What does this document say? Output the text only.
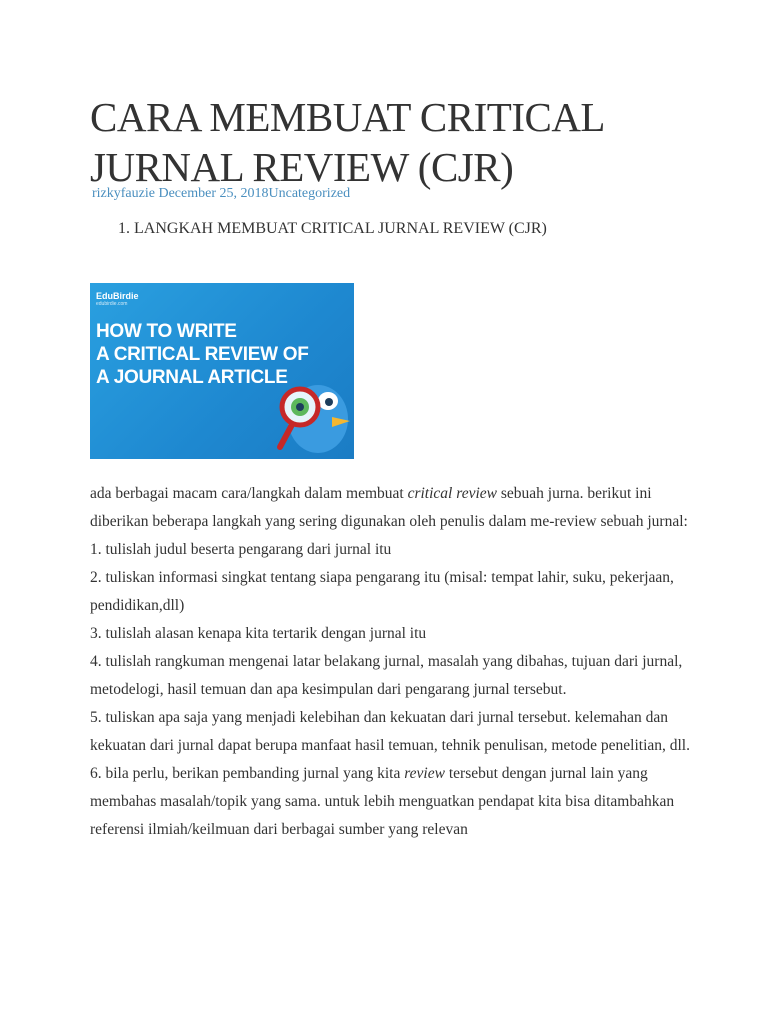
CARA MEMBUAT CRITICAL JURNAL REVIEW (CJR)
rizkyfauzie December 25, 2018Uncategorized
1. LANGKAH MEMBUAT CRITICAL JURNAL REVIEW (CJR)
EduBirdie
edubirdie.com
HOW TO WRITE
A CRITICAL REVIEW OF
A JOURNAL ARTICLE

ada berbagai macam cara/langkah dalam membuat critical review sebuah jurna. berikut ini diberikan beberapa langkah yang sering digunakan oleh penulis dalam me-review sebuah jurnal:

1. tulislah judul beserta pengarang dari jurnal itu

2. tuliskan informasi singkat tentang siapa pengarang itu (misal: tempat lahir, suku, pekerjaan, pendidikan,dll)

3. tulislah alasan kenapa kita tertarik dengan jurnal itu

4. tulislah rangkuman mengenai latar belakang jurnal, masalah yang dibahas, tujuan dari jurnal, metodelogi, hasil temuan dan apa kesimpulan dari pengarang jurnal tersebut.

5. tuliskan apa saja yang menjadi kelebihan dan kekuatan dari jurnal tersebut. kelemahan dan kekuatan dari jurnal dapat berupa manfaat hasil temuan, tehnik penulisan, metode penelitian, dll.

6. bila perlu, berikan pembanding jurnal yang kita review tersebut dengan jurnal lain yang membahas masalah/topik yang sama. untuk lebih menguatkan pendapat kita bisa ditambahkan referensi ilmiah/keilmuan dari berbagai sumber yang relevan
